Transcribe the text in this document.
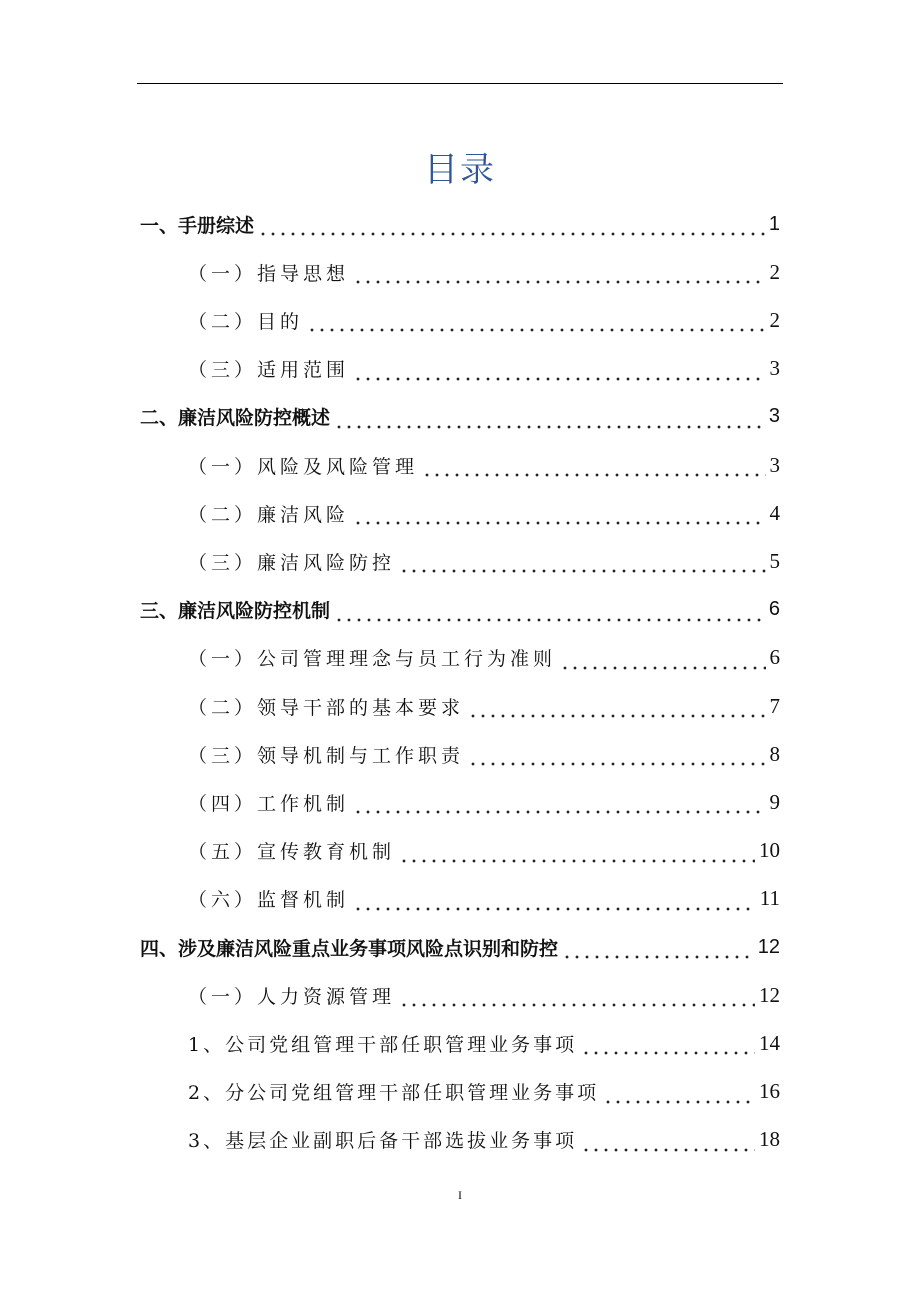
目录
一、手册综述	1
（一）指导思想	2
（二）目的	2
（三）适用范围	3
二、廉洁风险防控概述	3
（一）风险及风险管理	3
（二）廉洁风险	4
（三）廉洁风险防控	5
三、廉洁风险防控机制	6
（一）公司管理理念与员工行为准则	6
（二）领导干部的基本要求	7
（三）领导机制与工作职责	8
（四）工作机制	9
（五）宣传教育机制	10
（六）监督机制	11
四、涉及廉洁风险重点业务事项风险点识别和防控	12
（一）人力资源管理	12
1、公司党组管理干部任职管理业务事项	14
2、分公司党组管理干部任职管理业务事项	16
3、基层企业副职后备干部选拔业务事项	18
I
